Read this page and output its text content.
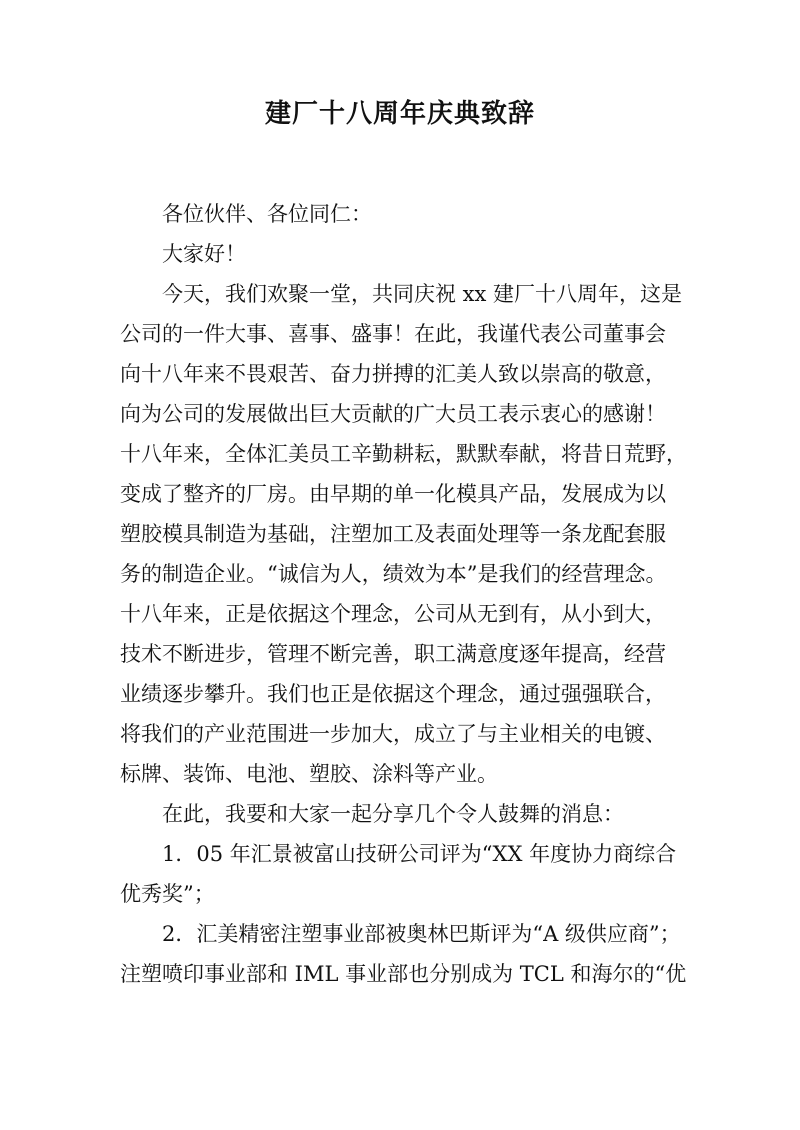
建厂十八周年庆典致辞
各位伙伴、各位同仁：
大家好！
今天，我们欢聚一堂，共同庆祝 xx 建厂十八周年，这是
公司的一件大事、喜事、盛事！在此，我谨代表公司董事会
向十八年来不畏艰苦、奋力拼搏的汇美人致以崇高的敬意，
向为公司的发展做出巨大贡献的广大员工表示衷心的感谢！
十八年来，全体汇美员工辛勤耕耘，默默奉献，将昔日荒野，
变成了整齐的厂房。由早期的单一化模具产品，发展成为以
塑胶模具制造为基础，注塑加工及表面处理等一条龙配套服
务的制造企业。“诚信为人，绩效为本”是我们的经营理念。
十八年来，正是依据这个理念，公司从无到有，从小到大，
技术不断进步，管理不断完善，职工满意度逐年提高，经营
业绩逐步攀升。我们也正是依据这个理念，通过强强联合，
将我们的产业范围进一步加大，成立了与主业相关的电镀、
标牌、装饰、电池、塑胶、涂料等产业。
在此，我要和大家一起分享几个令人鼓舞的消息：
1．05 年汇景被富山技研公司评为“XX 年度协力商综合
优秀奖”；
2．汇美精密注塑事业部被奥林巴斯评为“A 级供应商”；
注塑喷印事业部和 IML 事业部也分别成为 TCL 和海尔的“优
